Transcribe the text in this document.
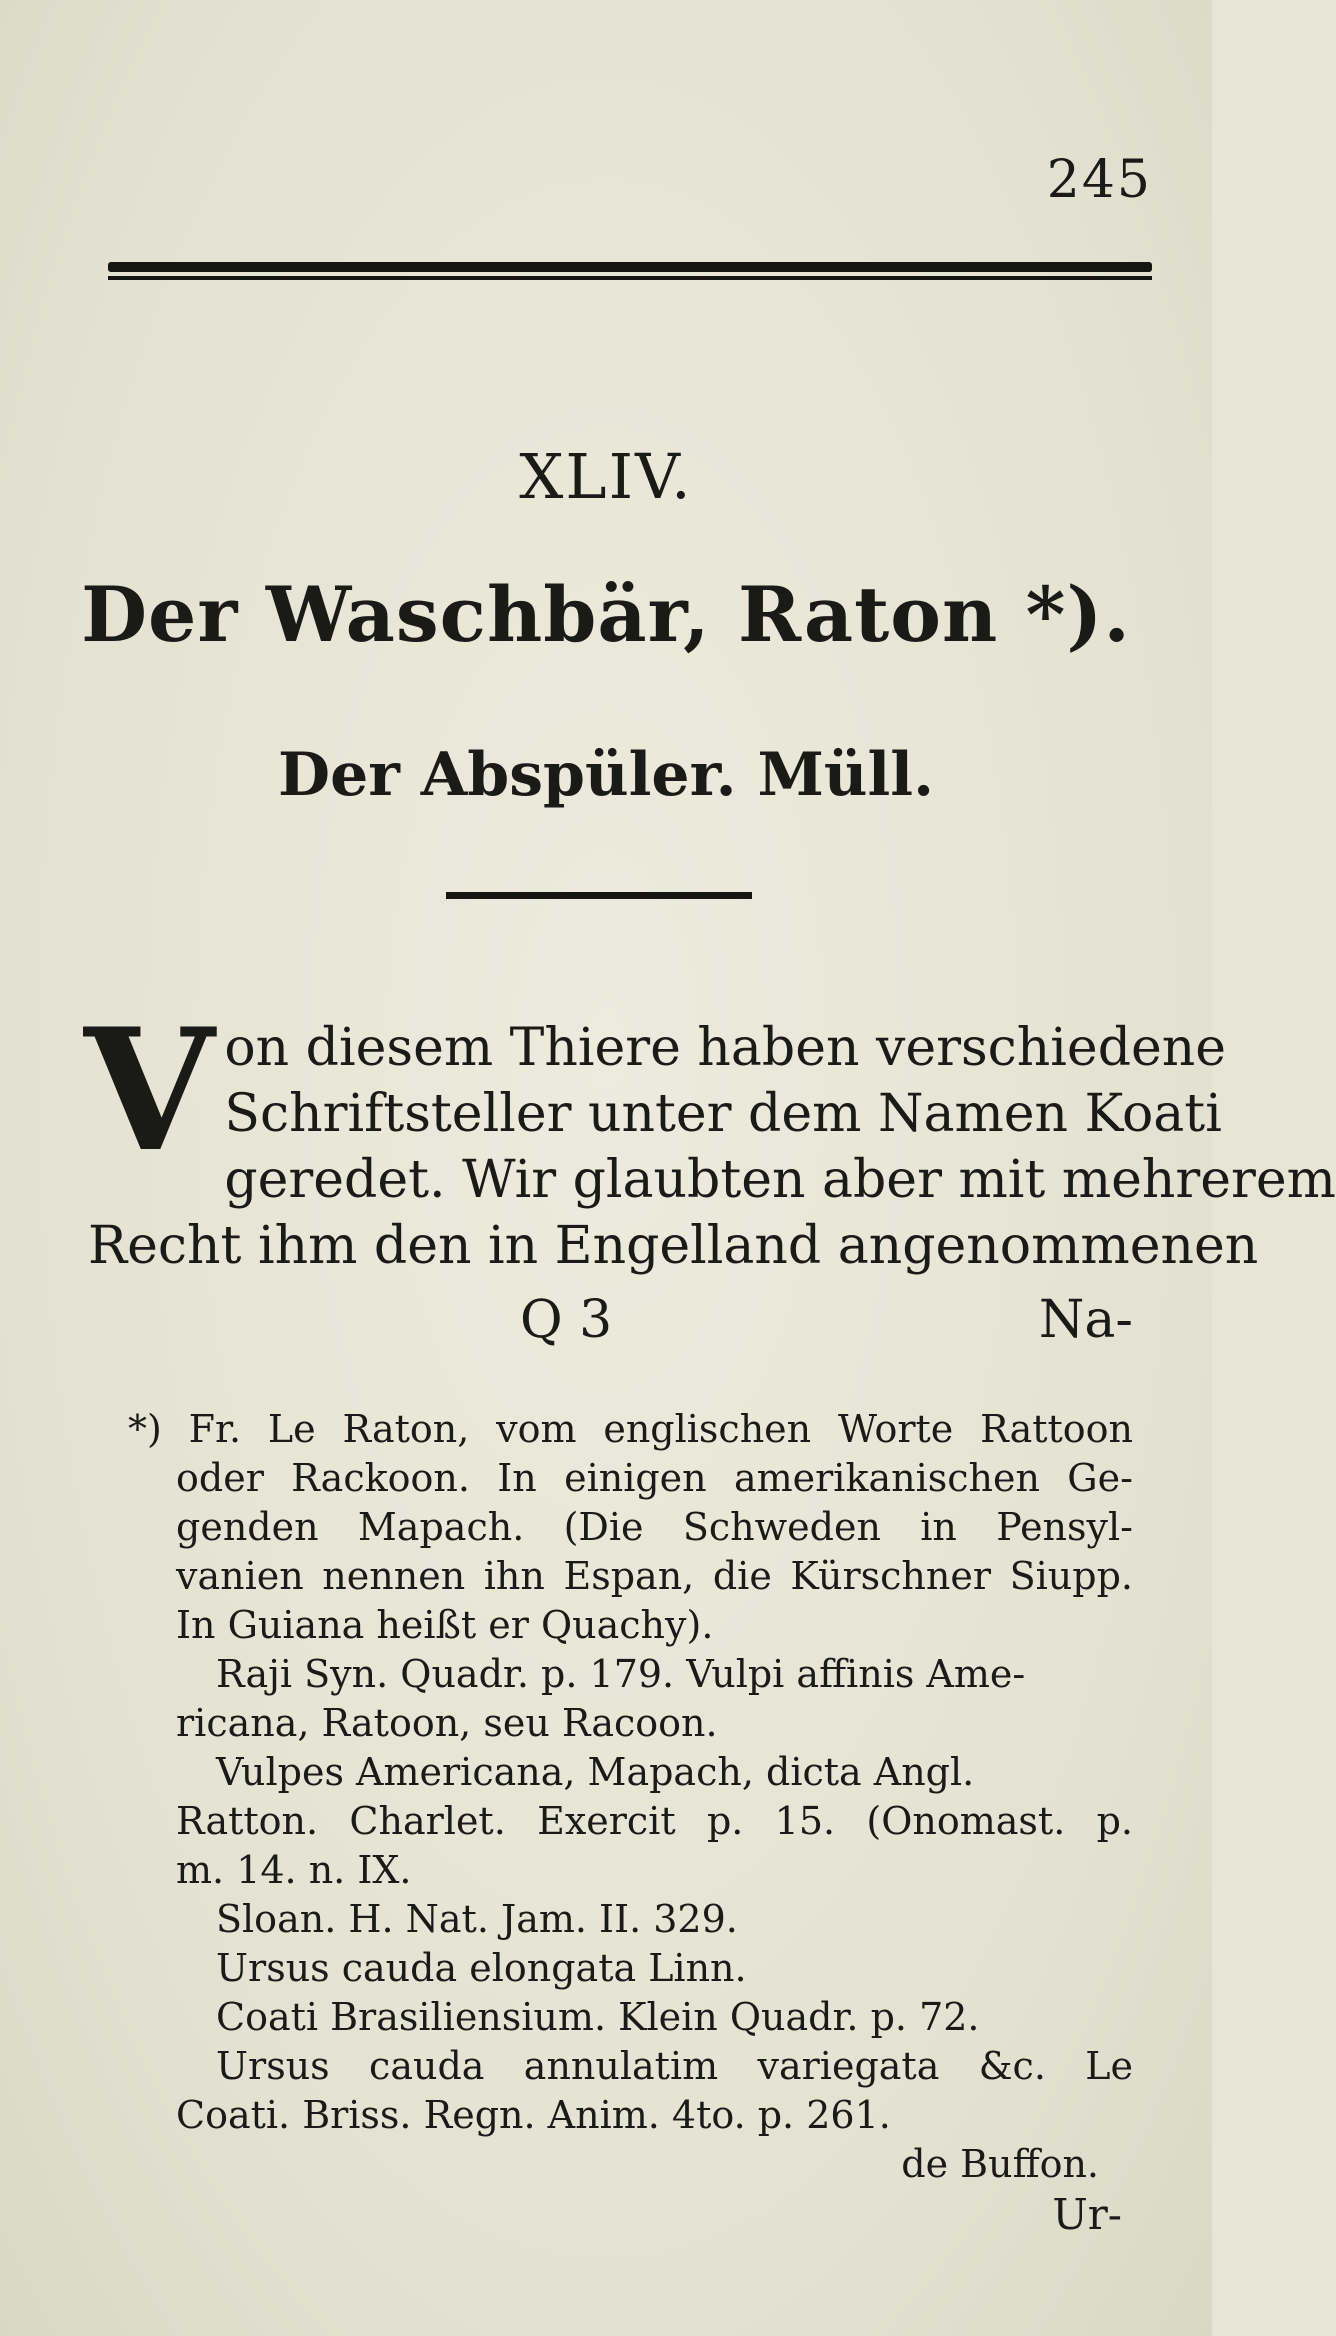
245
XLIV.
Der Waschbär, Raton *).
Der Abspüler. Müll.
V on diesem Thiere haben verschiedene
Schriftsteller unter dem Namen Koati
geredet. Wir glaubten aber mit mehrerem
Recht ihm den in Engelland angenommenen
Q 3	Na-
*) Fr. Le Raton, vom englischen Worte Rattoon
oder Rackoon. In einigen amerikanischen Ge-
genden Mapach. (Die Schweden in Pensyl-
vanien nennen ihn Espan, die Kürschner Siupp.
In Guiana heißt er Quachy).
Raji Syn. Quadr. p. 179. Vulpi affinis Ame-
ricana, Ratoon, seu Racoon.
Vulpes Americana, Mapach, dicta Angl.
Ratton. Charlet. Exercit p. 15. (Onomast. p.
m. 14. n. IX.
Sloan. H. Nat. Jam. II. 329.
Ursus cauda elongata Linn.
Coati Brasiliensium. Klein Quadr. p. 72.
Ursus cauda annulatim variegata &c. Le
Coati. Briss. Regn. Anim. 4to. p. 261.
de Buffon.
Ur-
